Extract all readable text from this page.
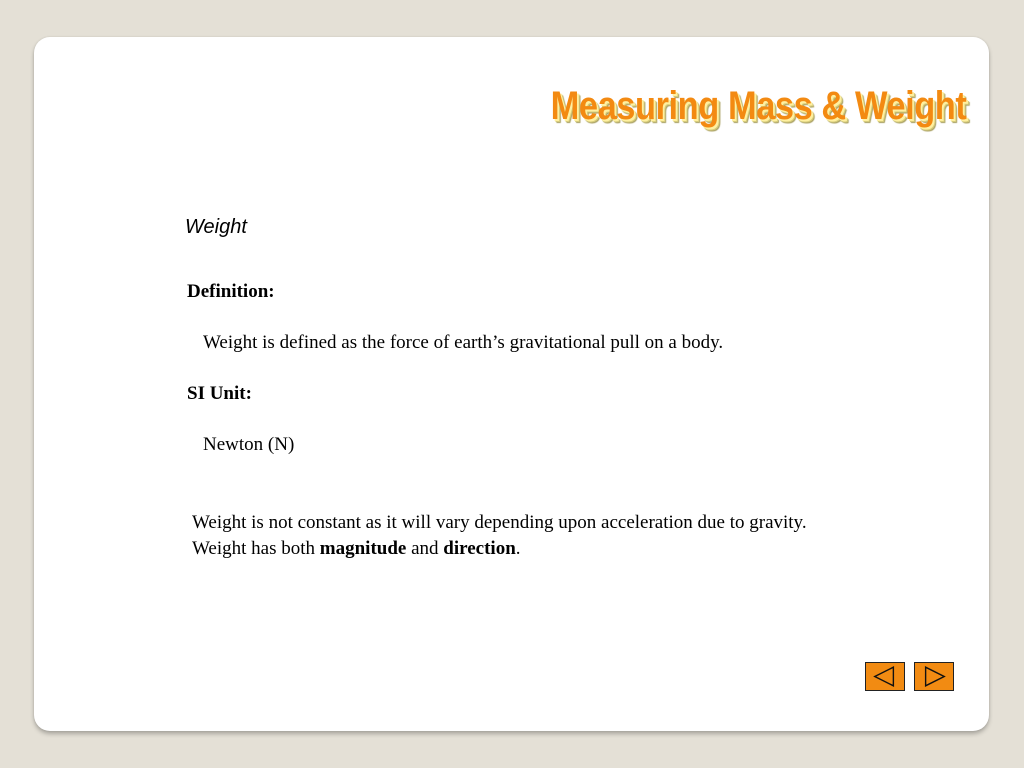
Measuring Mass & Weight
Weight

Definition:

Weight is defined as the force of earth’s gravitational pull on a body.

SI Unit:

Newton (N)

Weight is not constant as it will vary depending upon acceleration due to gravity.
Weight has both magnitude and direction.
